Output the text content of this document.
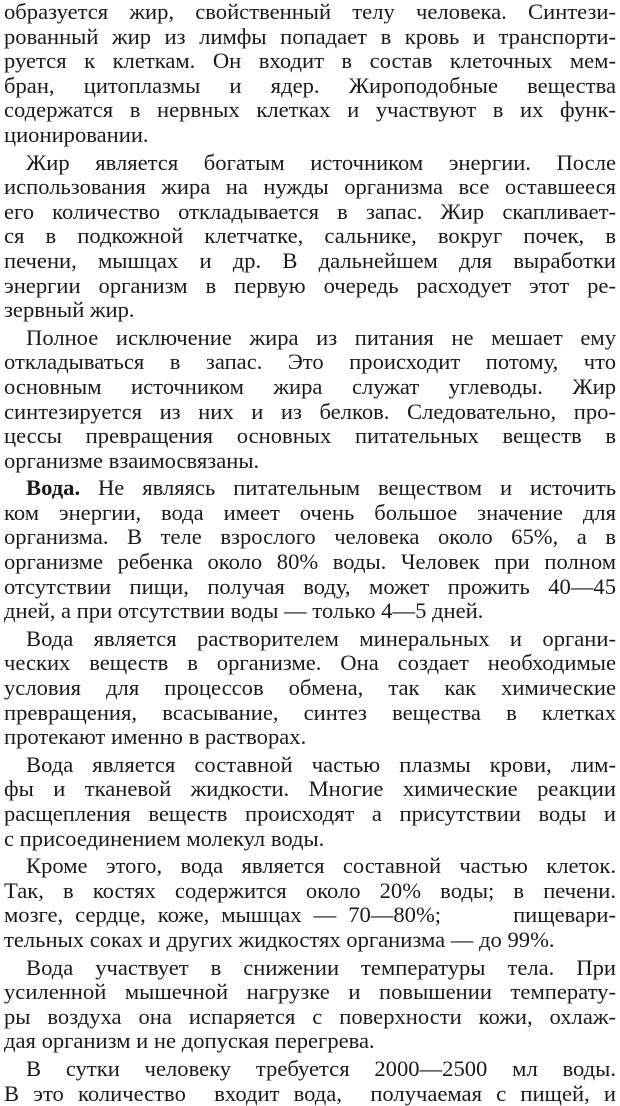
образуется жир, свойственный телу человека. Синтези-
рованный жир из лимфы попадает в кровь и транспорти-
руется к клеткам. Он входит в состав клеточных мем-
бран, цитоплазмы и ядер. Жироподобные вещества
содержатся в нервных клетках и участвуют в их функ-
ционировании.

Жир является богатым источником энергии. После
использования жира на нужды организма все оставшееся
его количество откладывается в запас. Жир скапливает-
ся в подкожной клетчатке, сальнике, вокруг почек, в
печени, мышцах и др. В дальнейшем для выработки
энергии организм в первую очередь расходует этот ре-
зервный жир.

Полное исключение жира из питания не мешает ему
откладываться в запас. Это происходит потому, что
основным источником жира служат углеводы. Жир
синтезируется из них и из белков. Следовательно, про-
цессы превращения основных питательных веществ в
организме взаимосвязаны.

Вода. Не являясь питательным веществом и источить
ком энергии, вода имеет очень большое значение для
организма. В теле взрослого человека около 65%, а в
организме ребенка около 80% воды. Человек при полном
отсутствии пищи, получая воду, может прожить 40—45
дней, а при отсутствии воды — только 4—5 дней.

Вода является растворителем минеральных и органи-
ческих веществ в организме. Она создает необходимые
условия для процессов обмена, так как химические
превращения, всасывание, синтез вещества в клетках
протекают именно в растворах.

Вода является составной частью плазмы крови, лим-
фы и тканевой жидкости. Многие химические реакции
расщепления веществ происходят а присутствии воды и
с присоединением молекул воды.

Кроме этого, вода является составной частью клеток.
Так, в костях содержится около 20% воды; в печени.
мозге, сердце, коже, мышцах — 70—80%;      пищевари-
тельных соках и других жидкостях организма — до 99%.

Вода участвует в снижении температуры тела. При
усиленной мышечной нагрузке и повышении температу-
ры воздуха она испаряется с поверхности кожи, охлаж-
дая организм и не допуская перегрева.

В сутки человеку требуется 2000—2500 мл воды.
В это количество  входит вода,  получаемая с пищей, и
